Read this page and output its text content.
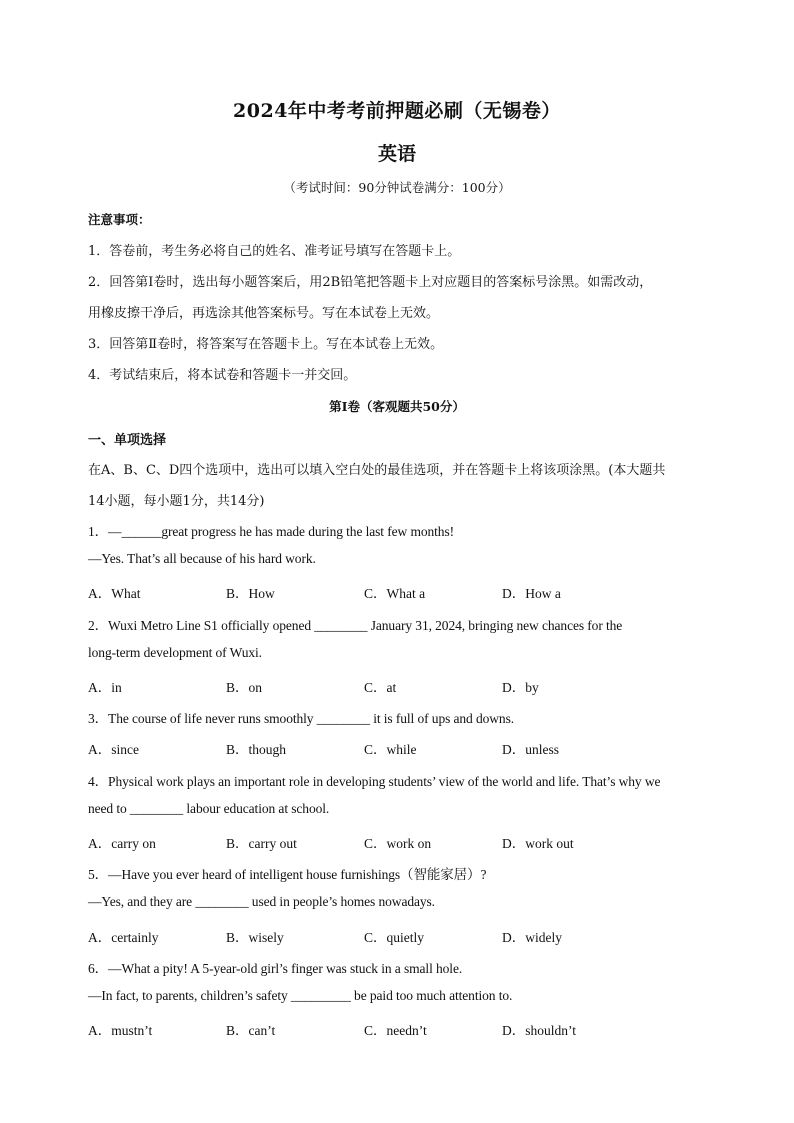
2024年中考考前押题必刷（无锡卷）
英语
（考试时间：90分钟试卷满分：100分）
注意事项：
1．答卷前，考生务必将自己的姓名、准考证号填写在答题卡上。
2．回答第Ⅰ卷时，选出每小题答案后，用2B铅笔把答题卡上对应题目的答案标号涂黑。如需改动，
用橡皮擦干净后，再选涂其他答案标号。写在本试卷上无效。
3．回答第Ⅱ卷时，将答案写在答题卡上。写在本试卷上无效。
4．考试结束后，将本试卷和答题卡一并交回。
第Ⅰ卷（客观题共50分）
一、单项选择
在A、B、C、D四个选项中，选出可以填入空白处的最佳选项，并在答题卡上将该项涂黑。(本大题共
14小题，每小题1分，共14分)
1．—______great progress he has made during the last few months!
—Yes. That’s all because of his hard work.
A．What	B．How	C．What a	D．How a
2．Wuxi Metro Line S1 officially opened ________ January 31, 2024, bringing new chances for the
long-term development of Wuxi.
A．in	B．on	C．at	D．by
3．The course of life never runs smoothly ________ it is full of ups and downs.
A．since	B．though	C．while	D．unless
4．Physical work plays an important role in developing students’ view of the world and life. That’s why we
need to ________ labour education at school.
A．carry on	B．carry out	C．work on	D．work out
5．—Have you ever heard of intelligent house furnishings（智能家居）?
—Yes, and they are ________ used in people’s homes nowadays.
A．certainly	B．wisely	C．quietly	D．widely
6．—What a pity! A 5-year-old girl’s finger was stuck in a small hole.
—In fact, to parents, children’s safety _________ be paid too much attention to.
A．mustn’t	B．can’t	C．needn’t	D．shouldn’t
